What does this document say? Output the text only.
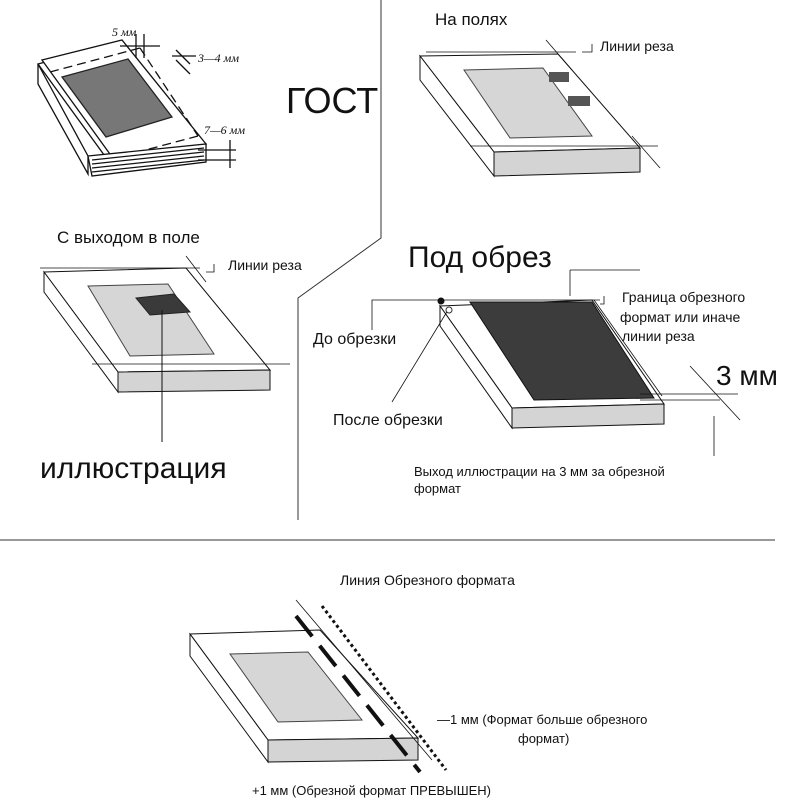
5 мм
3—4 мм
7—6 мм
ГОСТ
На полях
Линии реза
С выходом в поле
Линии реза
иллюстрация
Под обрез
Граница обрезного
формат или иначе
линии реза
До обрезки
После обрезки
3 мм
Выход иллюстрации на 3 мм за обрезной
формат
Линия Обрезного формата
—1 мм (Формат больше обрезного
формат)
+1 мм (Обрезной формат ПРЕВЫШЕН)
